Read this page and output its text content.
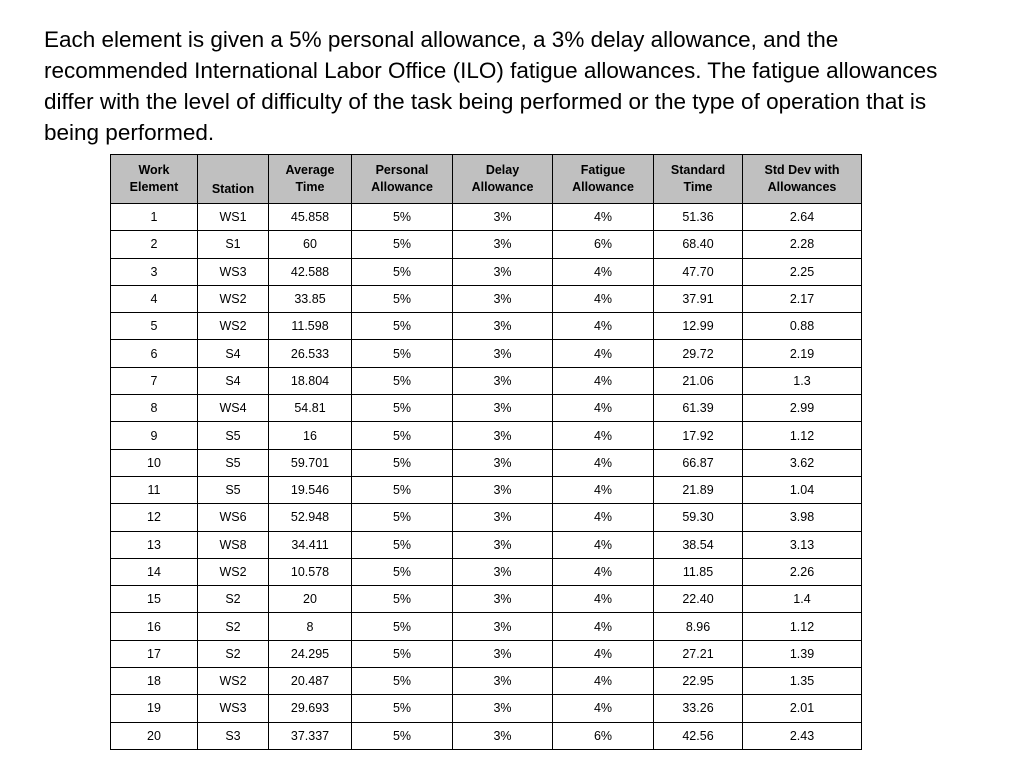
Each element is given a 5% personal allowance, a 3% delay allowance, and the recommended International Labor Office (ILO) fatigue allowances. The fatigue allowances differ with the level of difficulty of the task being performed or the type of operation that is being performed.

Work Element	Station	Average Time	Personal Allowance	Delay Allowance	Fatigue Allowance	Standard Time	Std Dev with Allowances
1	WS1	45.858	5%	3%	4%	51.36	2.64
2	S1	60	5%	3%	6%	68.40	2.28
3	WS3	42.588	5%	3%	4%	47.70	2.25
4	WS2	33.85	5%	3%	4%	37.91	2.17
5	WS2	11.598	5%	3%	4%	12.99	0.88
6	S4	26.533	5%	3%	4%	29.72	2.19
7	S4	18.804	5%	3%	4%	21.06	1.3
8	WS4	54.81	5%	3%	4%	61.39	2.99
9	S5	16	5%	3%	4%	17.92	1.12
10	S5	59.701	5%	3%	4%	66.87	3.62
11	S5	19.546	5%	3%	4%	21.89	1.04
12	WS6	52.948	5%	3%	4%	59.30	3.98
13	WS8	34.411	5%	3%	4%	38.54	3.13
14	WS2	10.578	5%	3%	4%	11.85	2.26
15	S2	20	5%	3%	4%	22.40	1.4
16	S2	8	5%	3%	4%	8.96	1.12
17	S2	24.295	5%	3%	4%	27.21	1.39
18	WS2	20.487	5%	3%	4%	22.95	1.35
19	WS3	29.693	5%	3%	4%	33.26	2.01
20	S3	37.337	5%	3%	6%	42.56	2.43
